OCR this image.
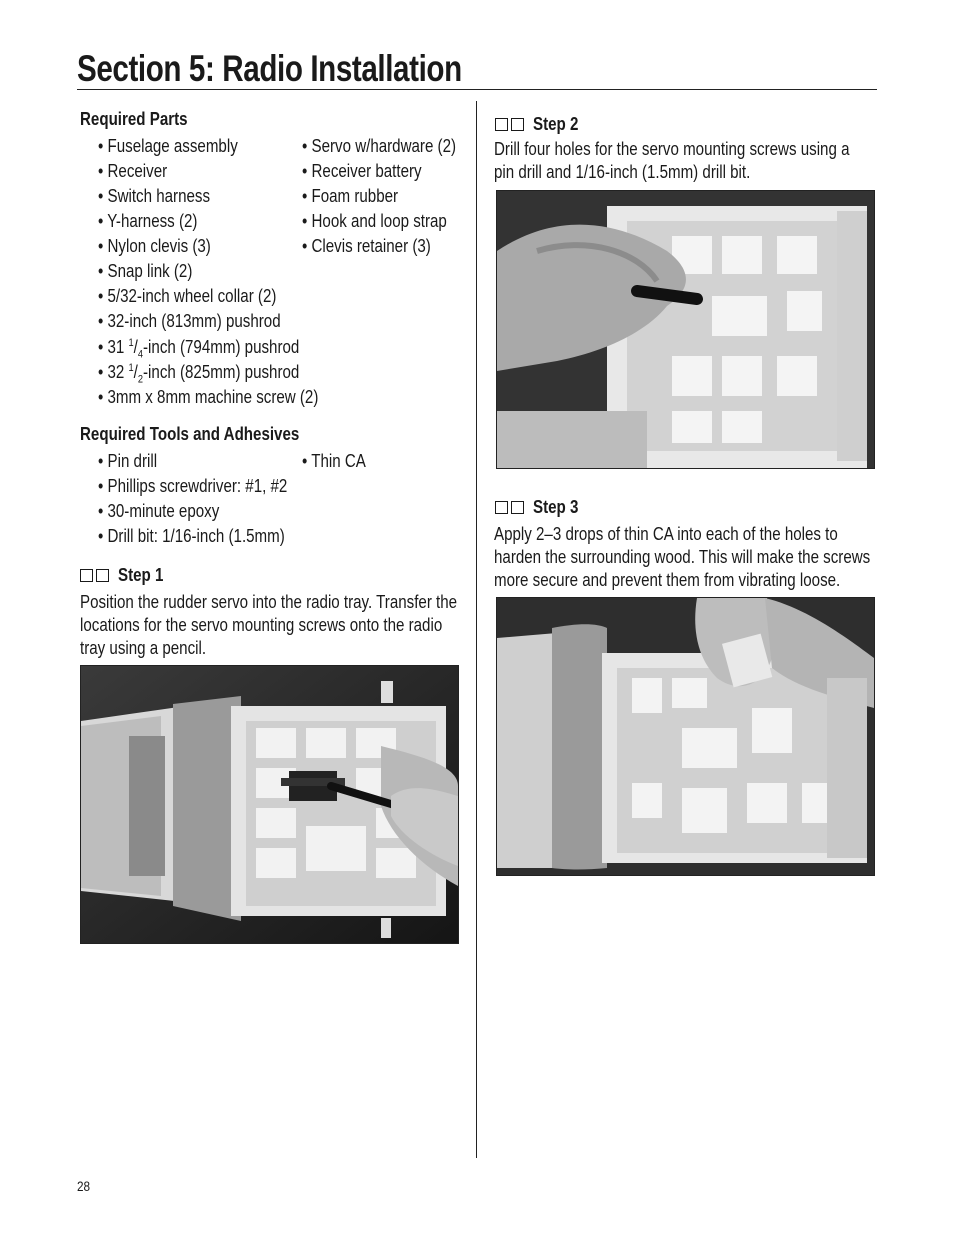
Section 5: Radio Installation
Required Parts
• Fuselage assembly
• Receiver
• Switch harness
• Y-harness (2)
• Nylon clevis (3)
• Snap link (2)
• 5/32-inch wheel collar (2)
• 32-inch (813mm) pushrod
• 31 $^1/_4$-inch (794mm) pushrod
• 32 $^1/_2$-inch (825mm) pushrod
• 3mm x 8mm machine screw (2)
• Servo w/hardware (2)
• Receiver battery
• Foam rubber
• Hook and loop strap
• Clevis retainer (3)
Required Tools and Adhesives
• Pin drill
• Phillips screwdriver: #1, #2
• 30-minute epoxy
• Drill bit: 1/16-inch (1.5mm)
• Thin CA
Step 1
Position the rudder servo into the radio tray. Transfer the
locations for the servo mounting screws onto the radio
tray using a pencil.
Step 2
Drill four holes for the servo mounting screws using a
pin drill and 1/16-inch (1.5mm) drill bit.
Step 3
Apply 2–3 drops of thin CA into each of the holes to
harden the surrounding wood. This will make the screws
more secure and prevent them from vibrating loose.
28
